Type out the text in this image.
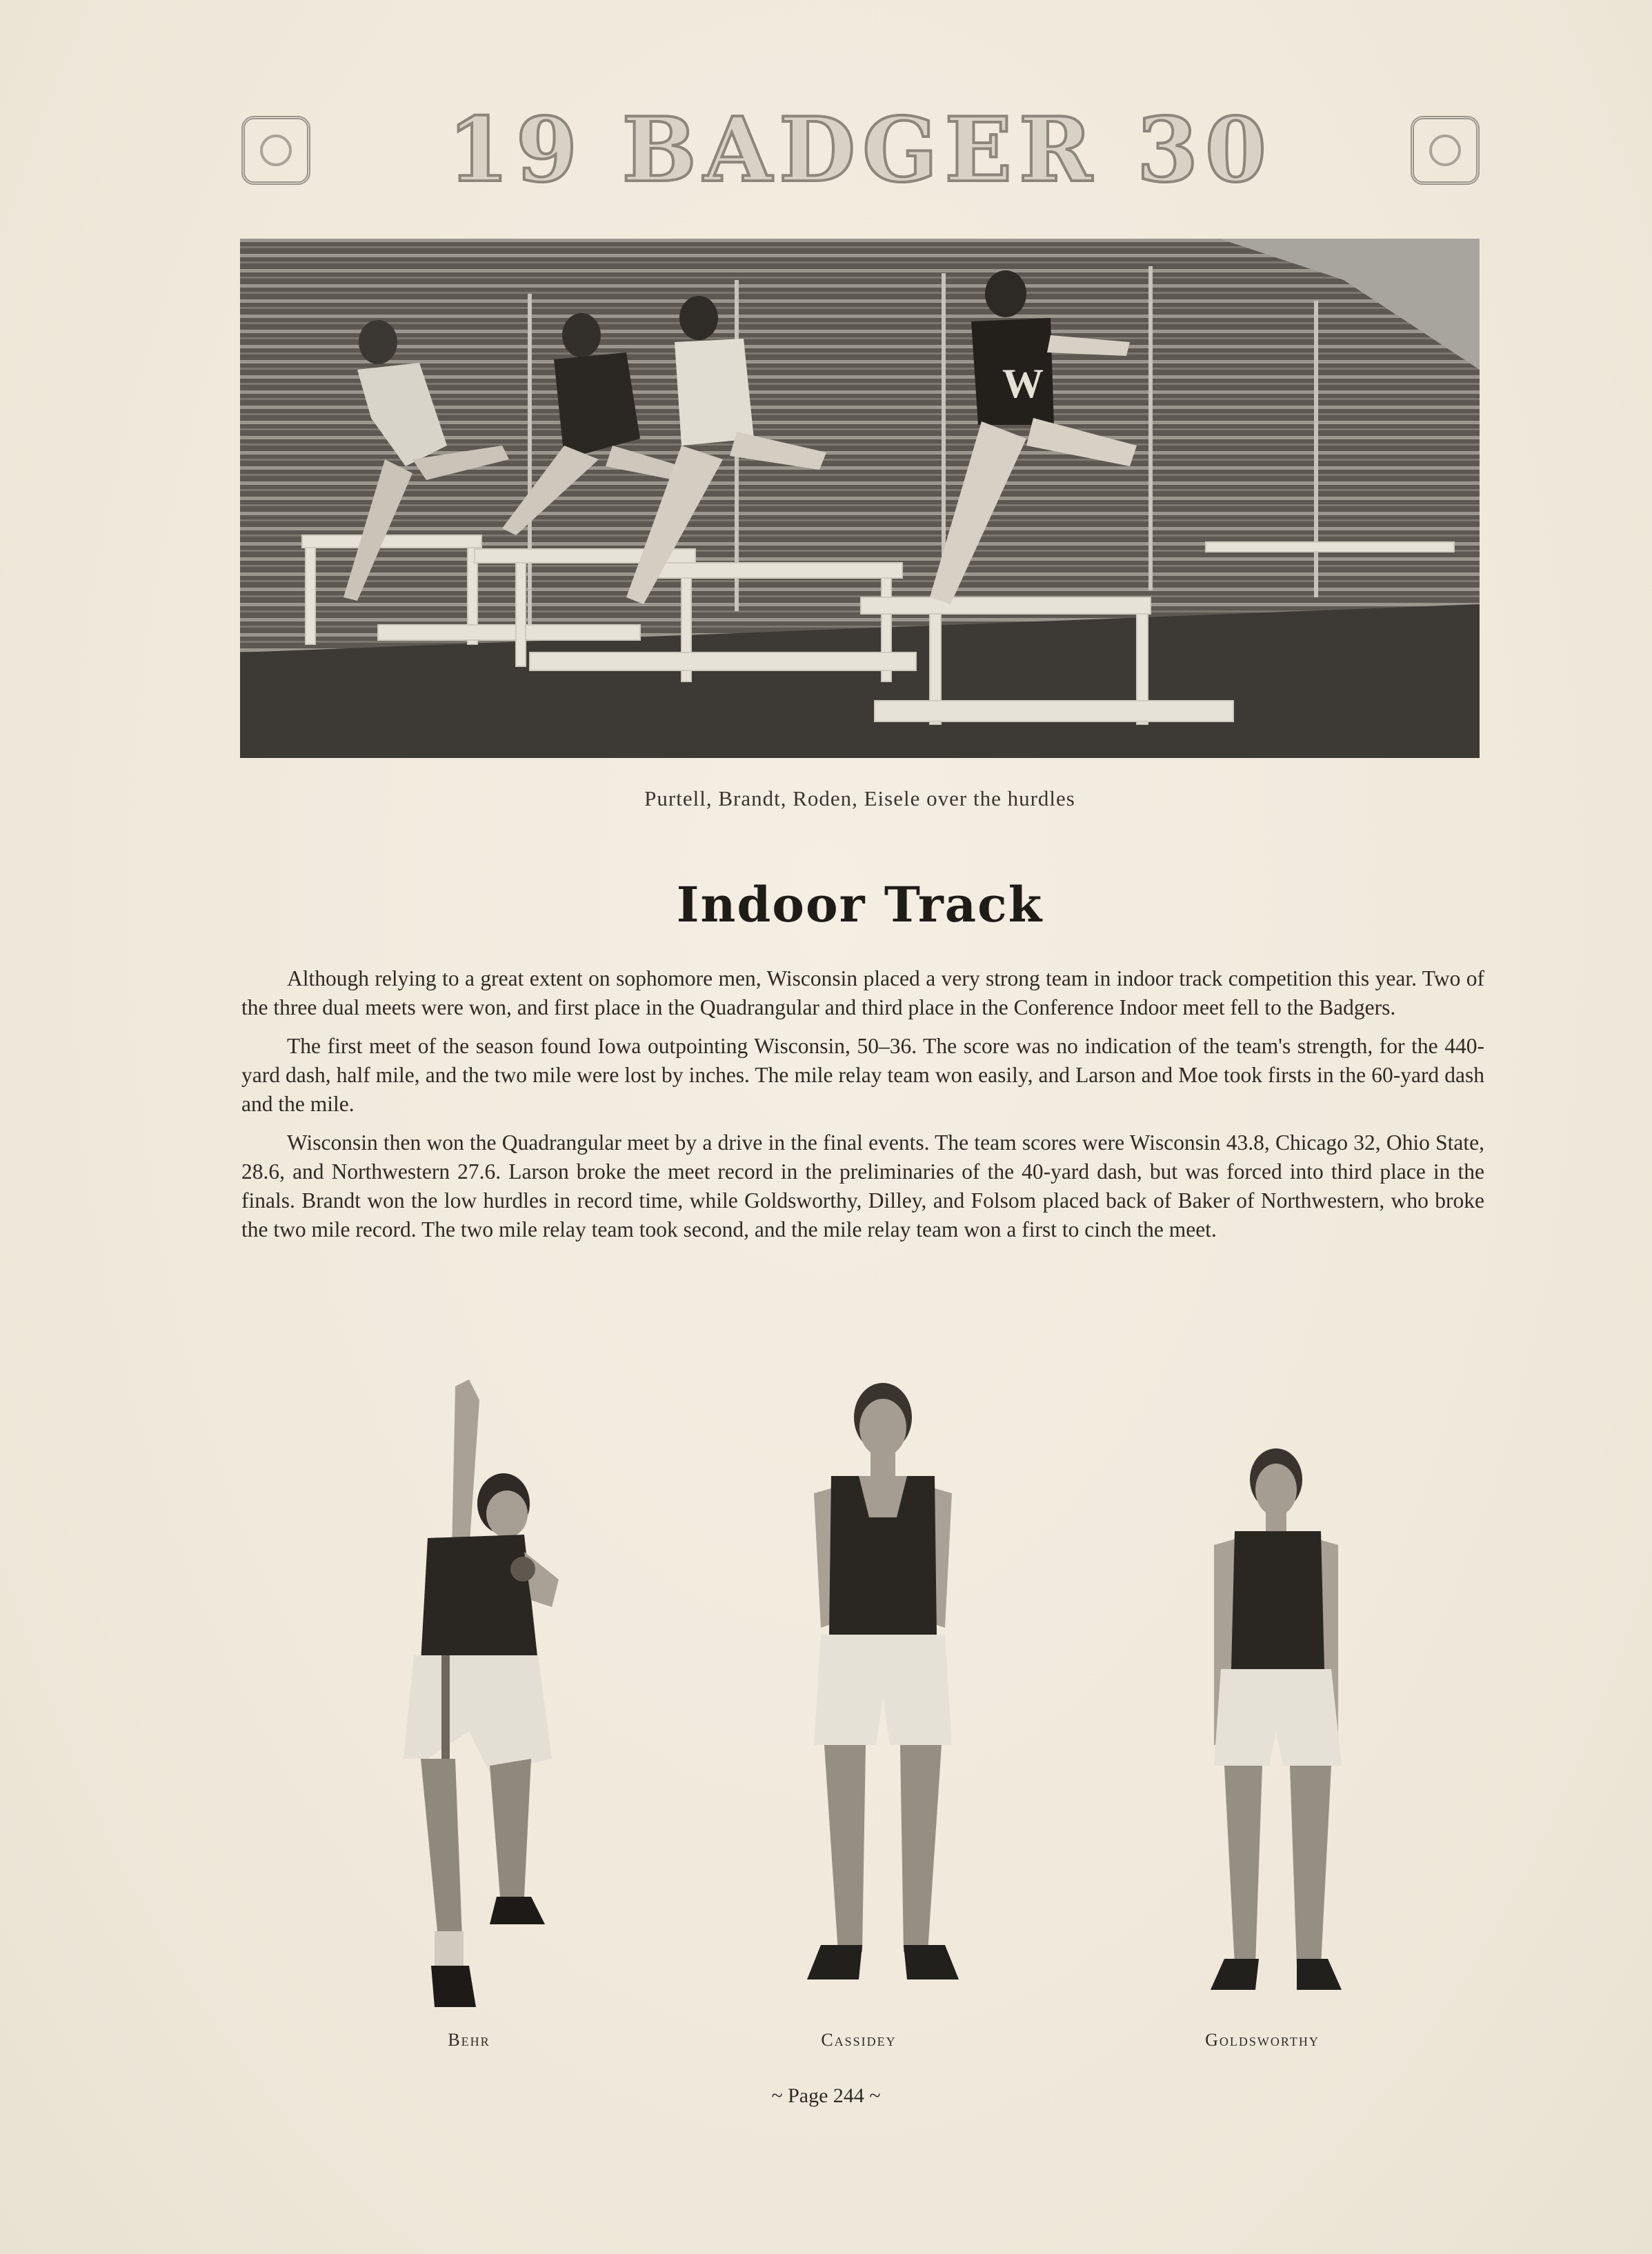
19 BADGER 30
W
Purtell, Brandt, Roden, Eisele over the hurdles
Indoor Track

Although relying to a great extent on sophomore men, Wisconsin placed a very strong team in indoor track competition this year. Two of the three dual meets were won, and first place in the Quadrangular and third place in the Conference Indoor meet fell to the Badgers.

The first meet of the season found Iowa outpointing Wisconsin, 50–36. The score was no indication of the team's strength, for the 440-yard dash, half mile, and the two mile were lost by inches. The mile relay team won easily, and Larson and Moe took firsts in the 60-yard dash and the mile.

Wisconsin then won the Quadrangular meet by a drive in the final events. The team scores were Wisconsin 43.8, Chicago 32, Ohio State, 28.6, and Northwestern 27.6. Larson broke the meet record in the preliminaries of the 40-yard dash, but was forced into third place in the finals. Brandt won the low hurdles in record time, while Goldsworthy, Dilley, and Folsom placed back of Baker of Northwestern, who broke the two mile record. The two mile relay team took second, and the mile relay team won a first to cinch the meet.

Behr	Cassidey	Goldsworthy
~ Page 244 ~
